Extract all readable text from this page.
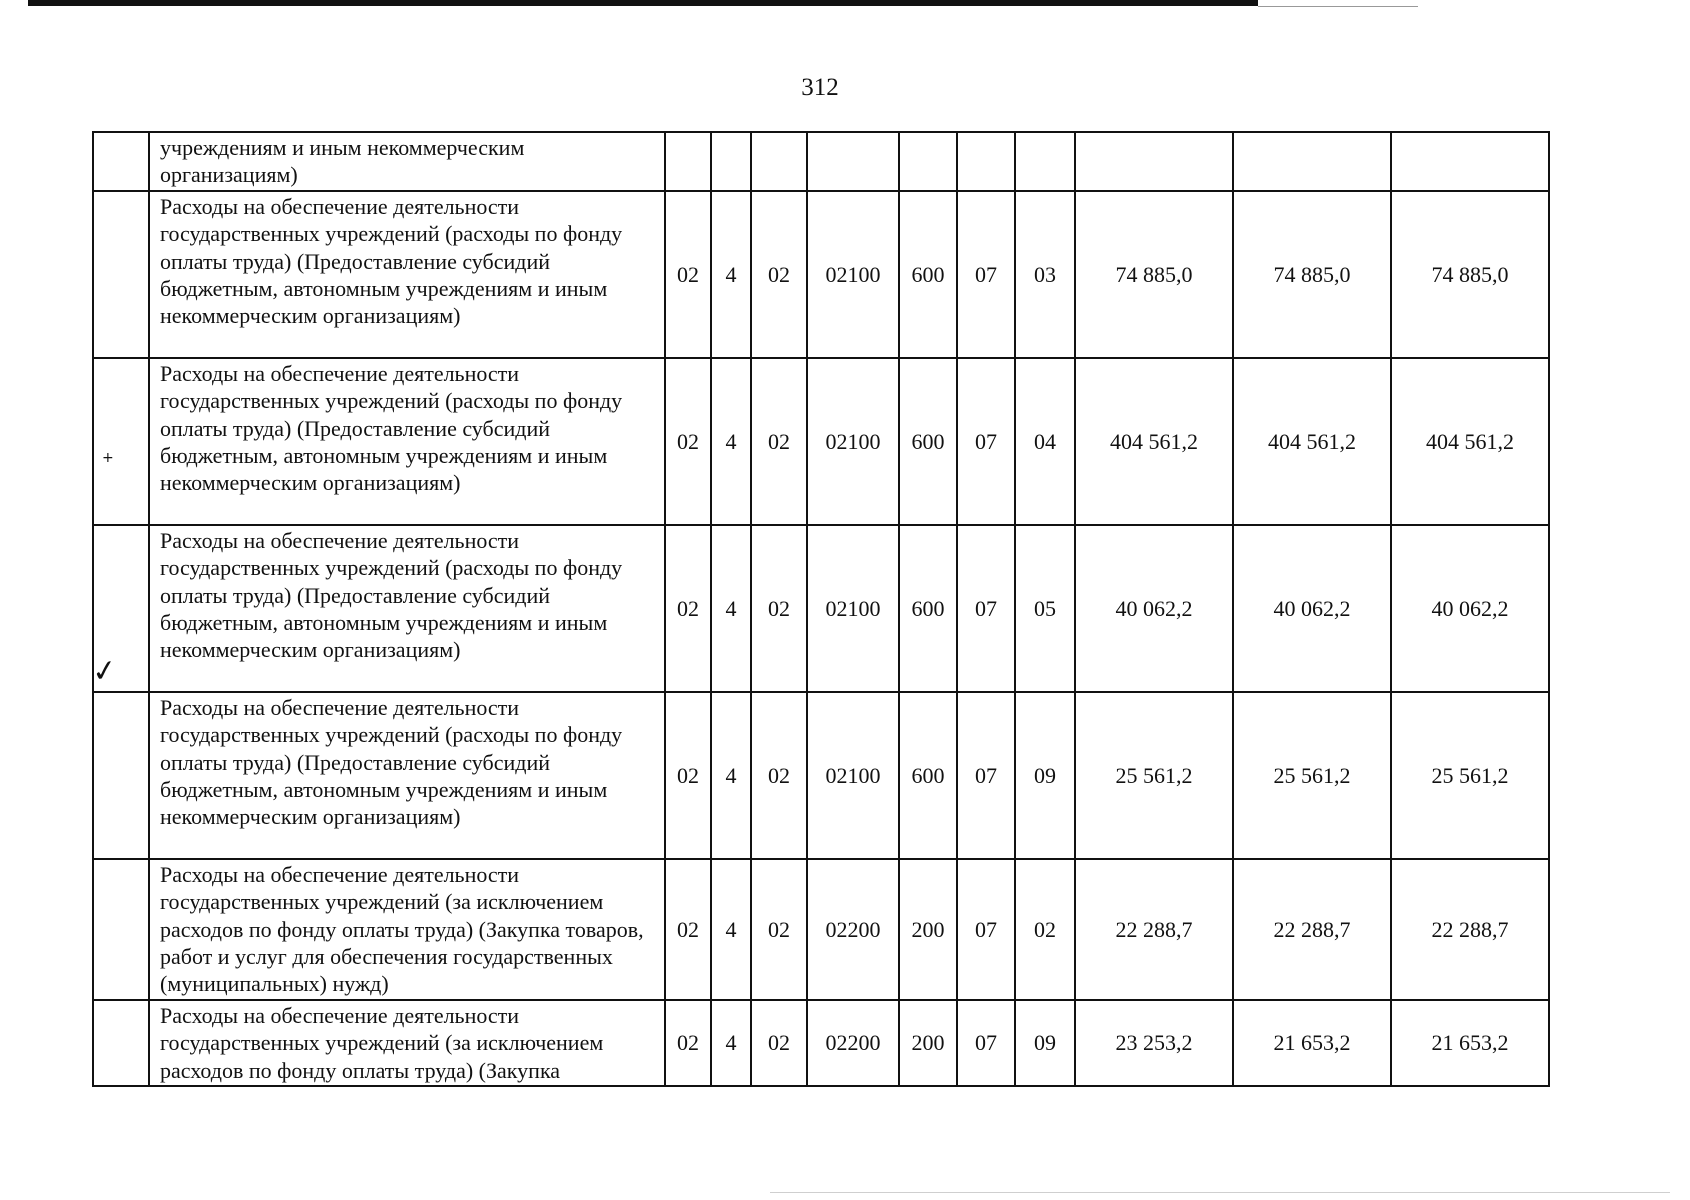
312
	учреждениям и иным некоммерческим организациям)										
	Расходы на обеспечение деятельности государственных учреждений (расходы по фонду оплаты труда) (Предоставление субсидий бюджетным, автономным учреждениям и иным некоммерческим организациям)	02	4	02	02100	600	07	03	74 885,0	74 885,0	74 885,0

+	Расходы на обеспечение деятельности государственных учреждений (расходы по фонду оплаты труда) (Предоставление субсидий бюджетным, автономным учреждениям и иным некоммерческим организациям)	02	4	02	02100	600	07	04	404 561,2	404 561,2	404 561,2

✓	Расходы на обеспечение деятельности государственных учреждений (расходы по фонду оплаты труда) (Предоставление субсидий бюджетным, автономным учреждениям и иным некоммерческим организациям)	02	4	02	02100	600	07	05	40 062,2	40 062,2	40 062,2
	Расходы на обеспечение деятельности государственных учреждений (расходы по фонду оплаты труда) (Предоставление субсидий бюджетным, автономным учреждениям и иным некоммерческим организациям)	02	4	02	02100	600	07	09	25 561,2	25 561,2	25 561,2
	Расходы на обеспечение деятельности государственных учреждений (за исключением расходов по фонду оплаты труда) (Закупка товаров, работ и услуг для обеспечения государственных (муниципальных) нужд)	02	4	02	02200	200	07	02	22 288,7	22 288,7	22 288,7
	Расходы на обеспечение деятельности государственных учреждений (за исключением расходов по фонду оплаты труда) (Закупка	02	4	02	02200	200	07	09	23 253,2	21 653,2	21 653,2
